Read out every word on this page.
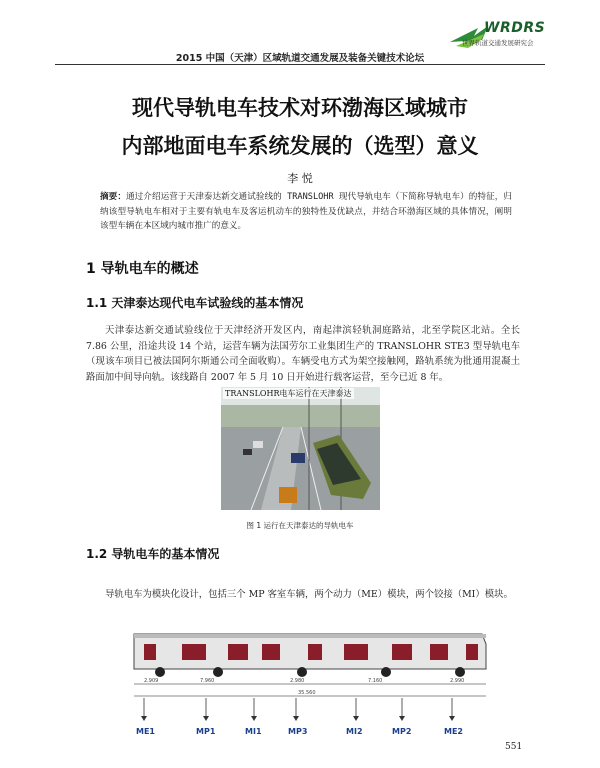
WRDRS
世界轨道交通发展研究会
2015 中国（天津）区域轨道交通发展及装备关键技术论坛
现代导轨电车技术对环渤海区域城市
内部地面电车系统发展的（选型）意义
李 悦
摘要：通过介绍运营于天津泰达新交通试验线的 TRANSLOHR 现代导轨电车（下简称导轨电车）的特征，归纳该型导轨电车相对于主要有轨电车及客运机动车的独特性及优缺点，并结合环渤海区域的具体情况，阐明该型车辆在本区域内城市推广的意义。
1 导轨电车的概述
1.1 天津泰达现代电车试验线的基本情况
天津泰达新交通试验线位于天津经济开发区内，南起津滨轻轨洞庭路站，北至学院区北站。全长 7.86 公里，沿途共设 14 个站，运营车辆为法国劳尔工业集团生产的 TRANSLOHR STE3 型导轨电车（现该车项目已被法国阿尔斯通公司全面收购）。车辆受电方式为架空接触网，路轨系统为批通用混凝土路面加中间导向轨。该线路自 2007 年 5 月 10 日开始进行载客运营，至今已近 8 年。
TRANSLOHR电车运行在天津泰达
图 1 运行在天津泰达的导轨电车
1.2 导轨电车的基本情况
导轨电车为模块化设计，包括三个 MP 客室车辆，两个动力（ME）模块，两个铰接（MI）模块。
2.909	7.960	2.980	7.160	2.990
35.560
ME1	MP1	MI1	MP3	MI2	MP2	ME2
551
